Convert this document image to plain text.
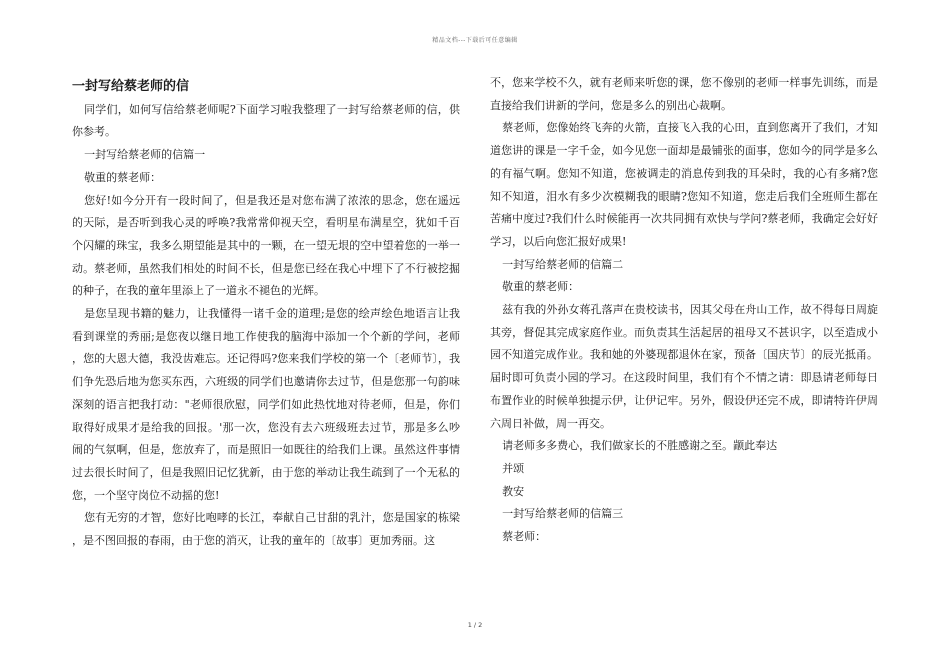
精品文档---下载后可任意编辑
一封写给蔡老师的信

同学们，如何写信给蔡老师呢?下面学习啦我整理了一封写给蔡老师的信，供你参考。

一封写给蔡老师的信篇一

敬重的蔡老师：

您好!如今分开有一段时间了，但是我还是对您布满了浓浓的思念，您在遥远的天际，是否听到我心灵的呼唤?我常常仰视天空，看明星布满星空，犹如千百个闪耀的珠宝，我多么期望能是其中的一颗，在一望无垠的空中望着您的一举一动。蔡老师，虽然我们相处的时间不长，但是您已经在我心中埋下了不行被挖掘的种子，在我的童年里添上了一道永不褪色的光辉。

是您呈现书籍的魅力，让我懂得一诸千金的道理;是您的绘声绘色地语言让我看到课堂的秀丽;是您夜以继日地工作使我的脑海中添加一个个新的学问，老师，您的大恩大德，我没齿难忘。还记得吗?您来我们学校的第一个〔老师节〕，我们争先恐后地为您买东西，六班级的同学们也邀请你去过节，但是您那一句韵味深刻的语言把我打动："老师很欣慰，同学们如此热忱地对待老师，但是，你们取得好成果才是给我的回报。'那一次，您没有去六班级班去过节，那是多么吵闹的气氛啊，但是，您放弃了，而是照旧一如既往的给我们上课。虽然这件事情过去很长时间了，但是我照旧记忆犹新，由于您的举动让我生疏到了一个无私的您，一个坚守岗位不动摇的您!

您有无穷的才智，您好比咆哮的长江，奉献自己甘甜的乳汁，您是国家的栋梁，是不图回报的春雨，由于您的消灭，让我的童年的〔故事〕更加秀丽。这

不，您来学校不久，就有老师来听您的课，您不像别的老师一样事先训练，而是直接给我们讲新的学问，您是多么的别出心裁啊。

蔡老师，您像始终飞奔的火箭，直接飞入我的心田，直到您离开了我们，才知道您讲的课是一字千金，如今见您一面却是最铺张的面事，您如今的同学是多么的有福气啊。您知不知道，您被调走的消息传到我的耳朵时，我的心有多痛?您知不知道，泪水有多少次模糊我的眼睛?您知不知道，您走后我们全班师生都在苦痛中度过?我们什么时候能再一次共同拥有欢快与学问?蔡老师，我确定会好好学习，以后向您汇报好成果!

一封写给蔡老师的信篇二

敬重的蔡老师：

兹有我的外孙女蒋孔落声在贵校读书，因其父母在舟山工作，故不得每日周旋其旁，督促其完成家庭作业。而负责其生活起居的祖母又不甚识字，以至造成小园不知道完成作业。我和她的外婆现都退休在家，预备〔国庆节〕的辰光抵甬。届时即可负责小园的学习。在这段时间里，我们有个不情之请：即恳请老师每日布置作业的时候单独提示伊，让伊记牢。另外，假设伊还完不成，即请特许伊周六周日补做，周一再交。

请老师多多费心，我们做家长的不胜感谢之至。颛此奉达

并颂

教安

一封写给蔡老师的信篇三

蔡老师：

1 / 2
